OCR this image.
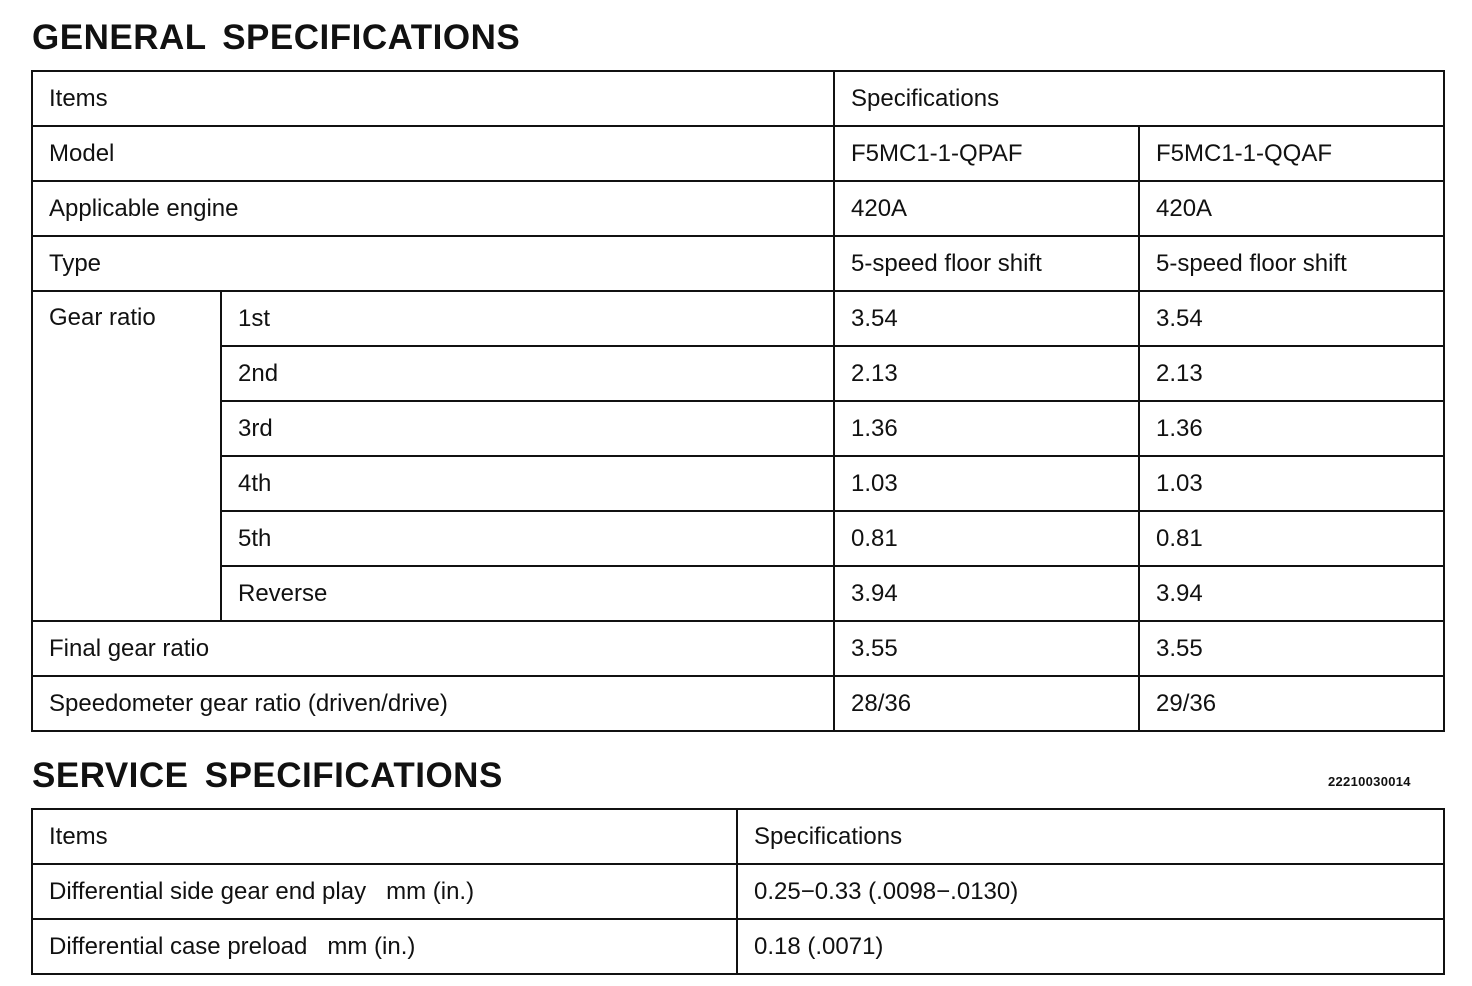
GENERAL SPECIFICATIONS
Items		Specifications	
Model		F5MC1-1-QPAF	F5MC1-1-QQAF
Applicable engine		420A	420A
Type		5-speed floor shift	5-speed floor shift
Gear ratio	1st	3.54	3.54
	2nd	2.13	2.13
	3rd	1.36	1.36
	4th	1.03	1.03
	5th	0.81	0.81
	Reverse	3.94	3.94
Final gear ratio		3.55	3.55
Speedometer gear ratio (driven/drive)		28/36	29/36
SERVICE SPECIFICATIONS	22210030014
Items	Specifications
Differential side gear end play   mm (in.)	0.25−0.33 (.0098−.0130)
Differential case preload   mm (in.)	0.18 (.0071)
